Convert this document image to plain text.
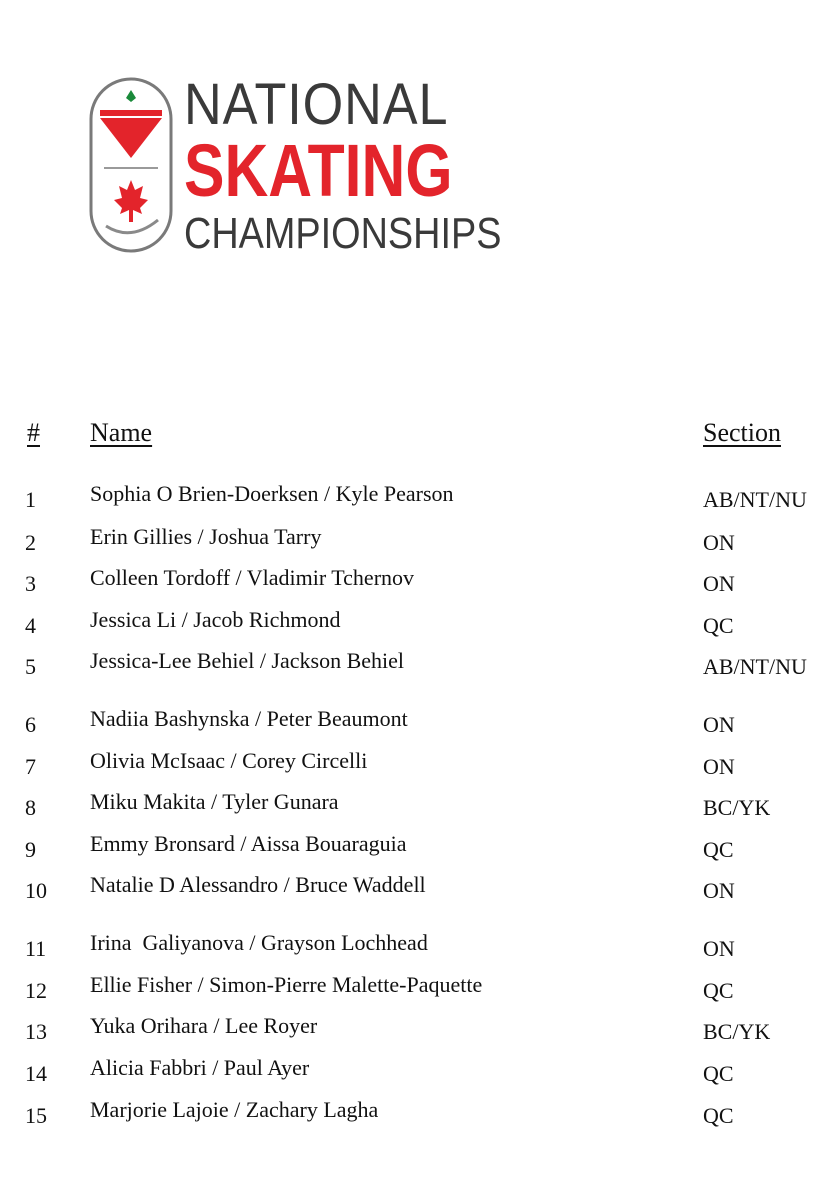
NATIONAL
SKATING
CHAMPIONSHIPS
# Name	Section
1 Sophia O Brien-Doerksen / Kyle Pearson	AB/NT/NU
2 Erin Gillies / Joshua Tarry	ON
3 Colleen Tordoff / Vladimir Tchernov	ON
4 Jessica Li / Jacob Richmond	QC
5 Jessica-Lee Behiel / Jackson Behiel	AB/NT/NU
6 Nadiia Bashynska / Peter Beaumont	ON
7 Olivia McIsaac / Corey Circelli	ON
8 Miku Makita / Tyler Gunara	BC/YK
9 Emmy Bronsard / Aissa Bouaraguia	QC
10 Natalie D Alessandro / Bruce Waddell	ON
11 Irina  Galiyanova / Grayson Lochhead	ON
12 Ellie Fisher / Simon-Pierre Malette-Paquette	QC
13 Yuka Orihara / Lee Royer	BC/YK
14 Alicia Fabbri / Paul Ayer	QC
15 Marjorie Lajoie / Zachary Lagha	QC
